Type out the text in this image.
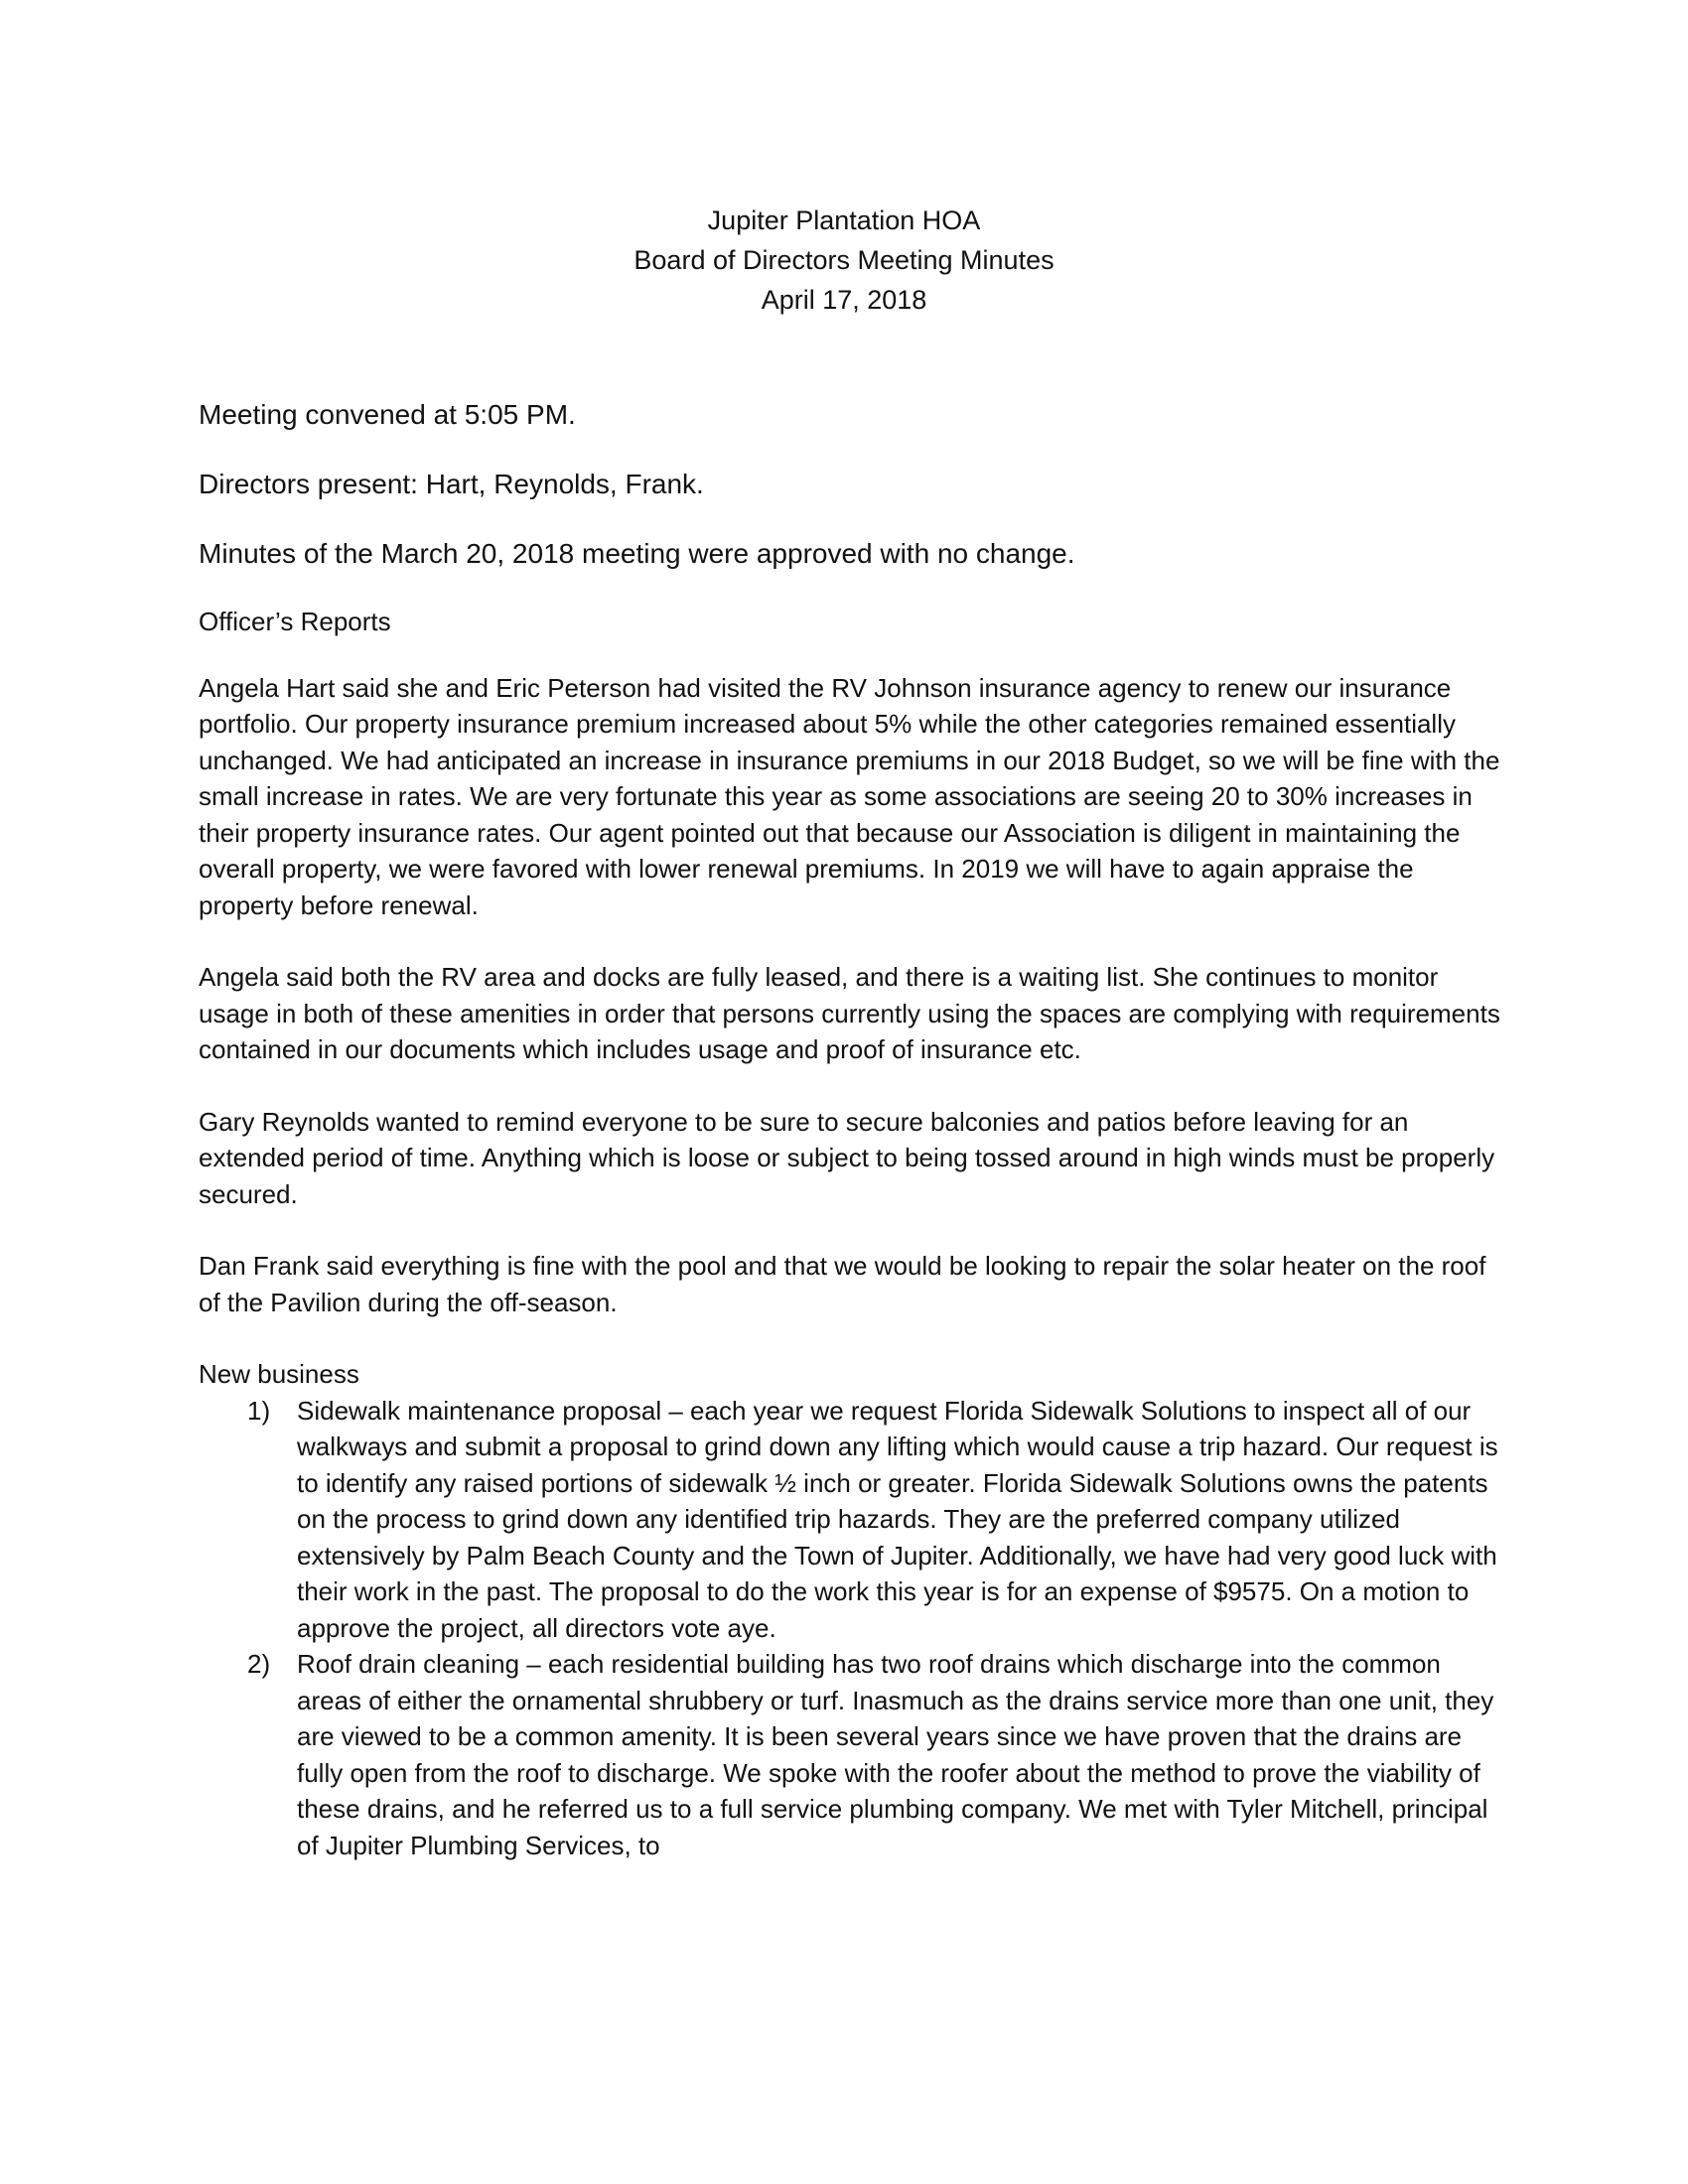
Jupiter Plantation HOA
Board of Directors Meeting Minutes
April 17, 2018
Meeting convened at 5:05 PM.
Directors present: Hart, Reynolds, Frank.
Minutes of the March 20, 2018 meeting were approved with no change.
Officer’s Reports

Angela Hart said she and Eric Peterson had visited the RV Johnson insurance agency to renew our insurance portfolio. Our property insurance premium increased about 5% while the other categories remained essentially unchanged. We had anticipated an increase in insurance premiums in our 2018 Budget, so we will be fine with the small increase in rates. We are very fortunate this year as some associations are seeing 20 to 30% increases in their property insurance rates. Our agent pointed out that because our Association is diligent in maintaining the overall property, we were favored with lower renewal premiums. In 2019 we will have to again appraise the property before renewal.

Angela said both the RV area and docks are fully leased, and there is a waiting list. She continues to monitor usage in both of these amenities in order that persons currently using the spaces are complying with requirements contained in our documents which includes usage and proof of insurance etc.

Gary Reynolds wanted to remind everyone to be sure to secure balconies and patios before leaving for an extended period of time. Anything which is loose or subject to being tossed around in high winds must be properly secured.

Dan Frank said everything is fine with the pool and that we would be looking to repair the solar heater on the roof of the Pavilion during the off-season.

New business
1) Sidewalk maintenance proposal – each year we request Florida Sidewalk Solutions to inspect all of our walkways and submit a proposal to grind down any lifting which would cause a trip hazard. Our request is to identify any raised portions of sidewalk ½ inch or greater. Florida Sidewalk Solutions owns the patents on the process to grind down any identified trip hazards. They are the preferred company utilized extensively by Palm Beach County and the Town of Jupiter. Additionally, we have had very good luck with their work in the past. The proposal to do the work this year is for an expense of $9575. On a motion to approve the project, all directors vote aye.
2) Roof drain cleaning – each residential building has two roof drains which discharge into the common areas of either the ornamental shrubbery or turf. Inasmuch as the drains service more than one unit, they are viewed to be a common amenity. It is been several years since we have proven that the drains are fully open from the roof to discharge. We spoke with the roofer about the method to prove the viability of these drains, and he referred us to a full service plumbing company. We met with Tyler Mitchell, principal of Jupiter Plumbing Services, to
